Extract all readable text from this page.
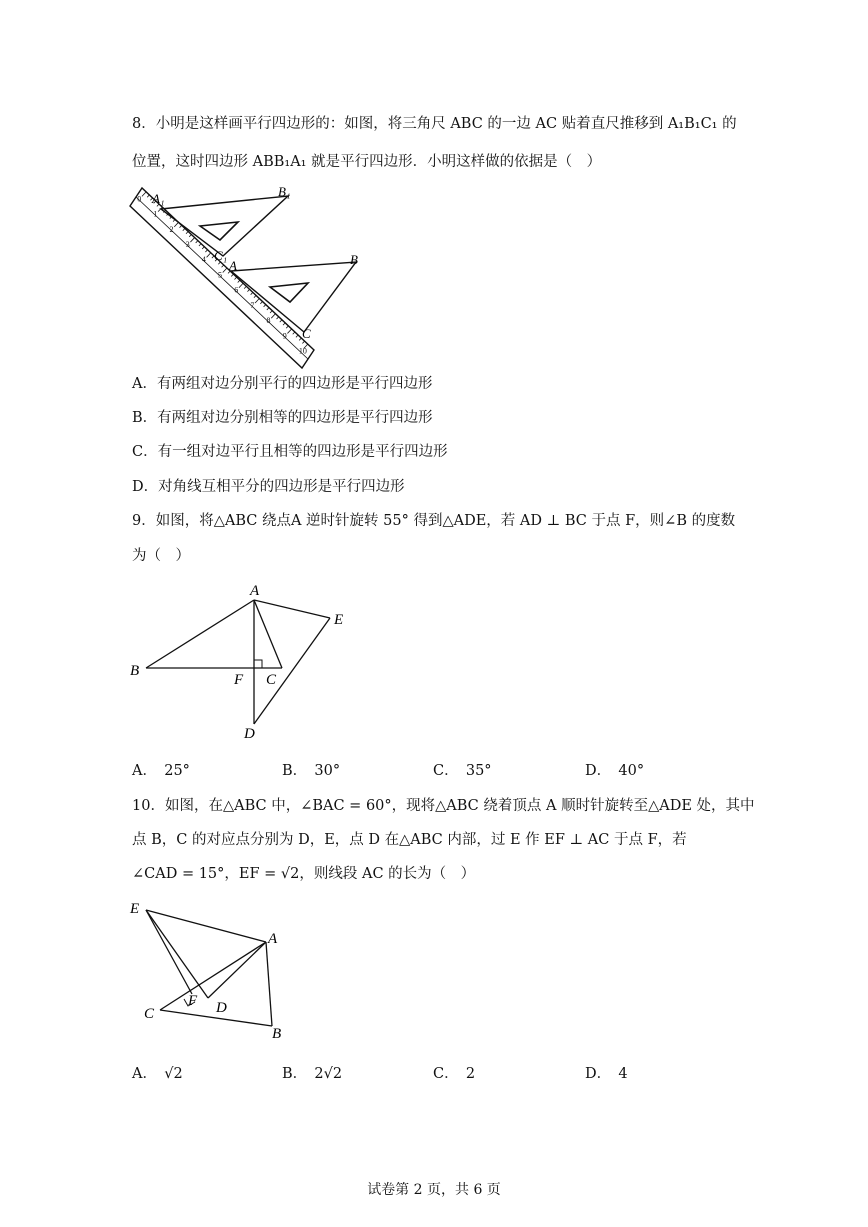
8．小明是这样画平行四边形的：如图，将三角尺 ABC 的一边 AC 贴着直尺推移到 A₁B₁C₁ 的
位置，这时四边形 ABB₁A₁ 就是平行四边形．小明这样做的依据是（　）
0
1
2
3
4
5
6
7
8
9
10
A₁	B₁
C₁
A	B
C
A．有两组对边分别平行的四边形是平行四边形
B．有两组对边分别相等的四边形是平行四边形
C．有一组对边平行且相等的四边形是平行四边形
D．对角线互相平分的四边形是平行四边形
9．如图，将△ABC 绕点A 逆时针旋转 55° 得到△ADE，若 AD ⊥ BC 于点 F，则∠B 的度数
为（　）
A
B
C
D
E
F
A．　25°	B．　30°	C．　35°	D．　40°
10．如图，在△ABC 中，∠BAC = 60°，现将△ABC 绕着顶点 A 顺时针旋转至△ADE 处，其中
点 B，C 的对应点分别为 D，E，点 D 在△ABC 内部，过 E 作 EF ⊥ AC 于点 F，若
∠CAD = 15°，EF = √2，则线段 AC 的长为（　）
E
A
C
F D
B
A．　√2	B．　2√2	C．　2	D．　4
试卷第 2 页，共 6 页
